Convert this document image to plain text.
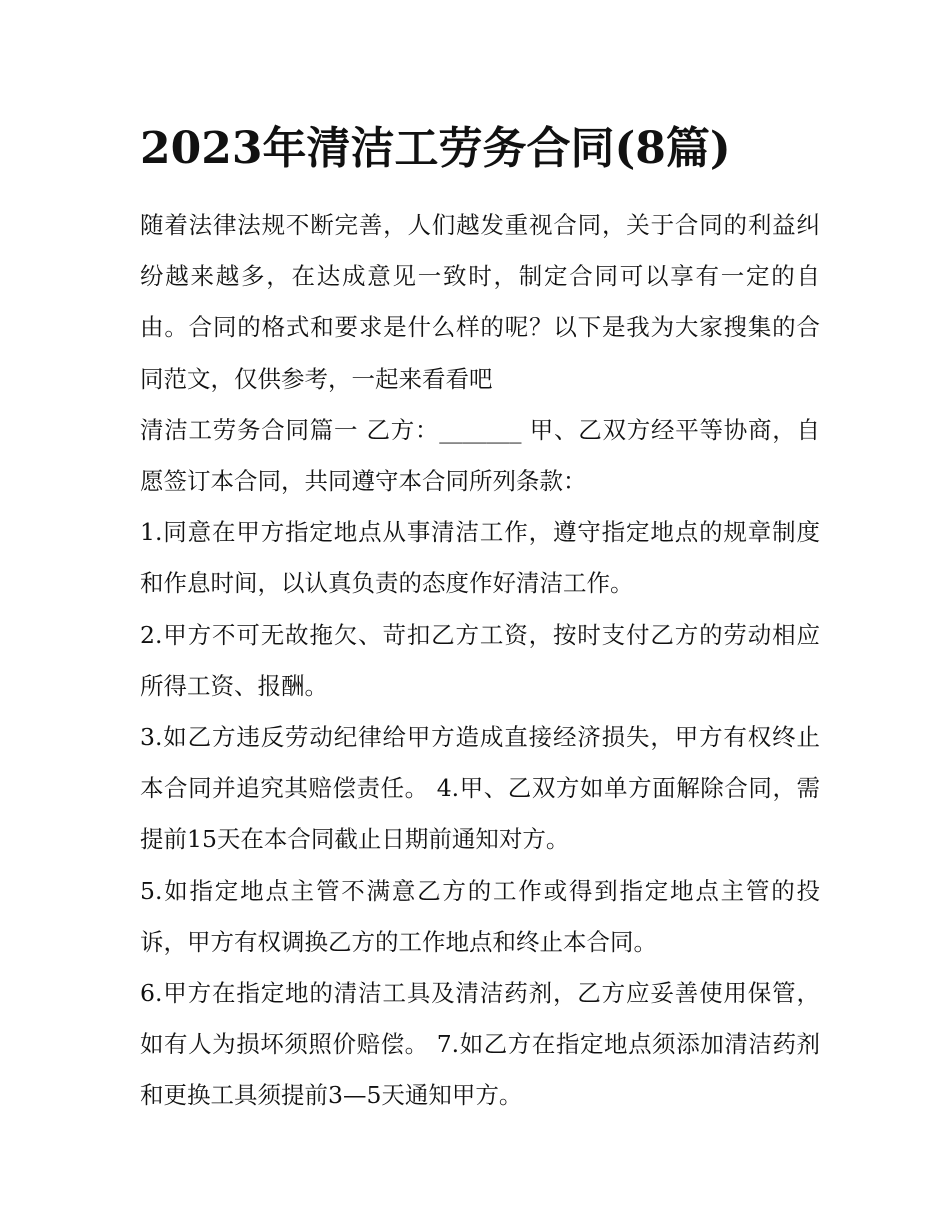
2023年清洁工劳务合同(8篇)

随着法律法规不断完善，人们越发重视合同，关于合同的利益纠纷越来越多，在达成意见一致时，制定合同可以享有一定的自由。合同的格式和要求是什么样的呢？以下是我为大家搜集的合同范文，仅供参考，一起来看看吧

清洁工劳务合同篇一 乙方：_______ 甲、乙双方经平等协商，自愿签订本合同，共同遵守本合同所列条款：

1.同意在甲方指定地点从事清洁工作，遵守指定地点的规章制度和作息时间，以认真负责的态度作好清洁工作。

2.甲方不可无故拖欠、苛扣乙方工资，按时支付乙方的劳动相应所得工资、报酬。

3.如乙方违反劳动纪律给甲方造成直接经济损失，甲方有权终止本合同并追究其赔偿责任。 4.甲、乙双方如单方面解除合同，需提前15天在本合同截止日期前通知对方。

5.如指定地点主管不满意乙方的工作或得到指定地点主管的投诉，甲方有权调换乙方的工作地点和终止本合同。

6.甲方在指定地的清洁工具及清洁药剂，乙方应妥善使用保管，如有人为损坏须照价赔偿。 7.如乙方在指定地点须添加清洁药剂和更换工具须提前3—5天通知甲方。
